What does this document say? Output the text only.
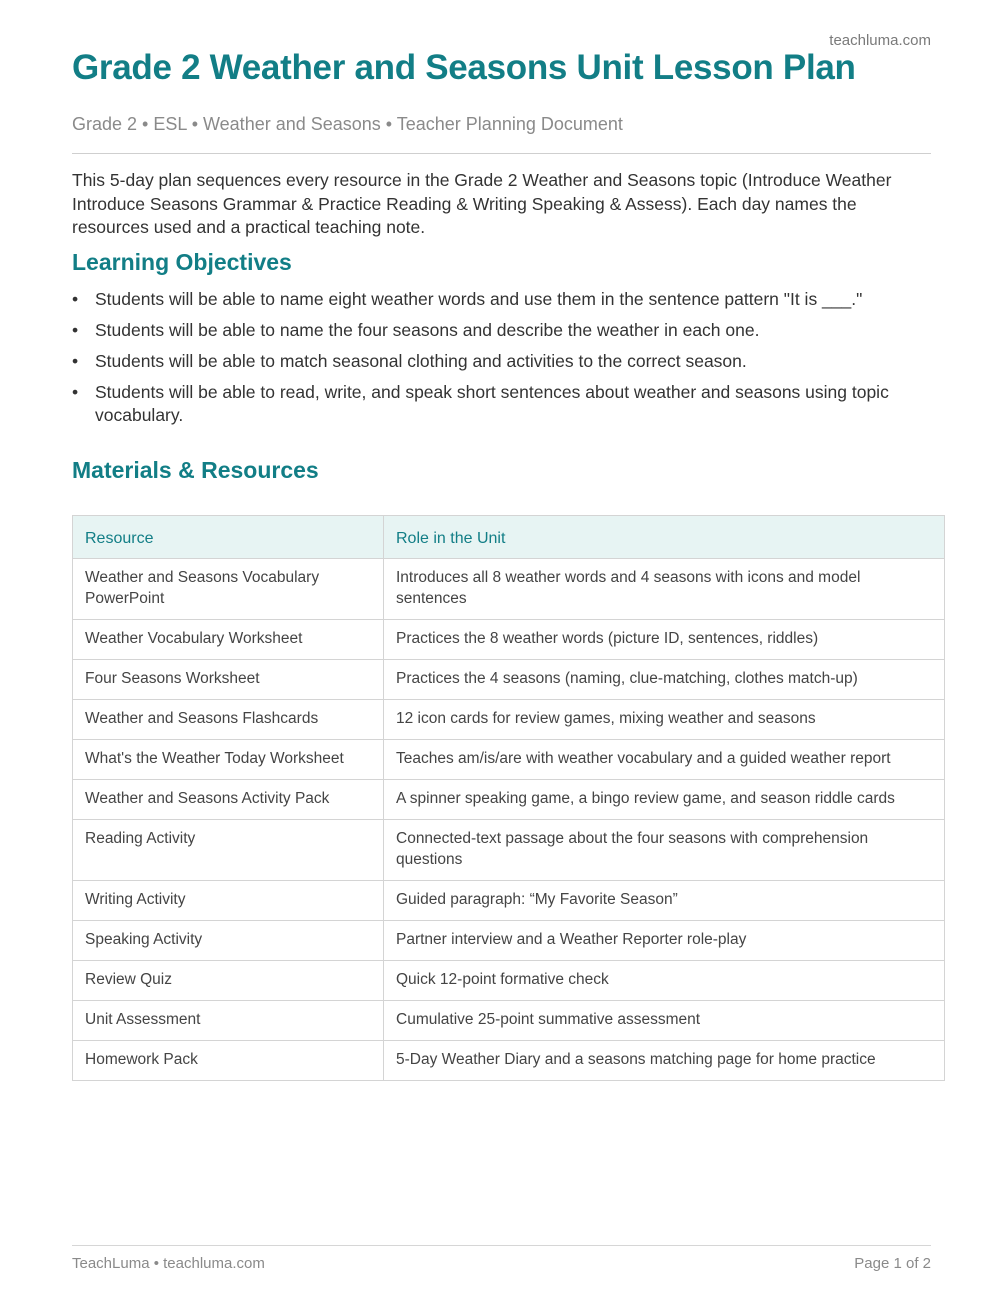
teachluma.com
Grade 2 Weather and Seasons Unit Lesson Plan
Grade 2 • ESL • Weather and Seasons • Teacher Planning Document

This 5-day plan sequences every resource in the Grade 2 Weather and Seasons topic (Introduce Weather Introduce Seasons Grammar & Practice Reading & Writing Speaking & Assess). Each day names the resources used and a practical teaching note.

Learning Objectives
• Students will be able to name eight weather words and use them in the sentence pattern "It is ___."
• Students will be able to name the four seasons and describe the weather in each one.
• Students will be able to match seasonal clothing and activities to the correct season.
• Students will be able to read, write, and speak short sentences about weather and seasons using topic vocabulary.
Materials & Resources
Resource	Role in the Unit
Weather and Seasons Vocabulary PowerPoint	Introduces all 8 weather words and 4 seasons with icons and model sentences
Weather Vocabulary Worksheet	Practices the 8 weather words (picture ID, sentences, riddles)
Four Seasons Worksheet	Practices the 4 seasons (naming, clue-matching, clothes match-up)
Weather and Seasons Flashcards	12 icon cards for review games, mixing weather and seasons
What's the Weather Today Worksheet	Teaches am/is/are with weather vocabulary and a guided weather report
Weather and Seasons Activity Pack	A spinner speaking game, a bingo review game, and season riddle cards
Reading Activity	Connected-text passage about the four seasons with comprehension questions
Writing Activity	Guided paragraph: “My Favorite Season”
Speaking Activity	Partner interview and a Weather Reporter role-play
Review Quiz	Quick 12-point formative check
Unit Assessment	Cumulative 25-point summative assessment
Homework Pack	5-Day Weather Diary and a seasons matching page for home practice
TeachLuma • teachluma.com	Page 1 of 2
